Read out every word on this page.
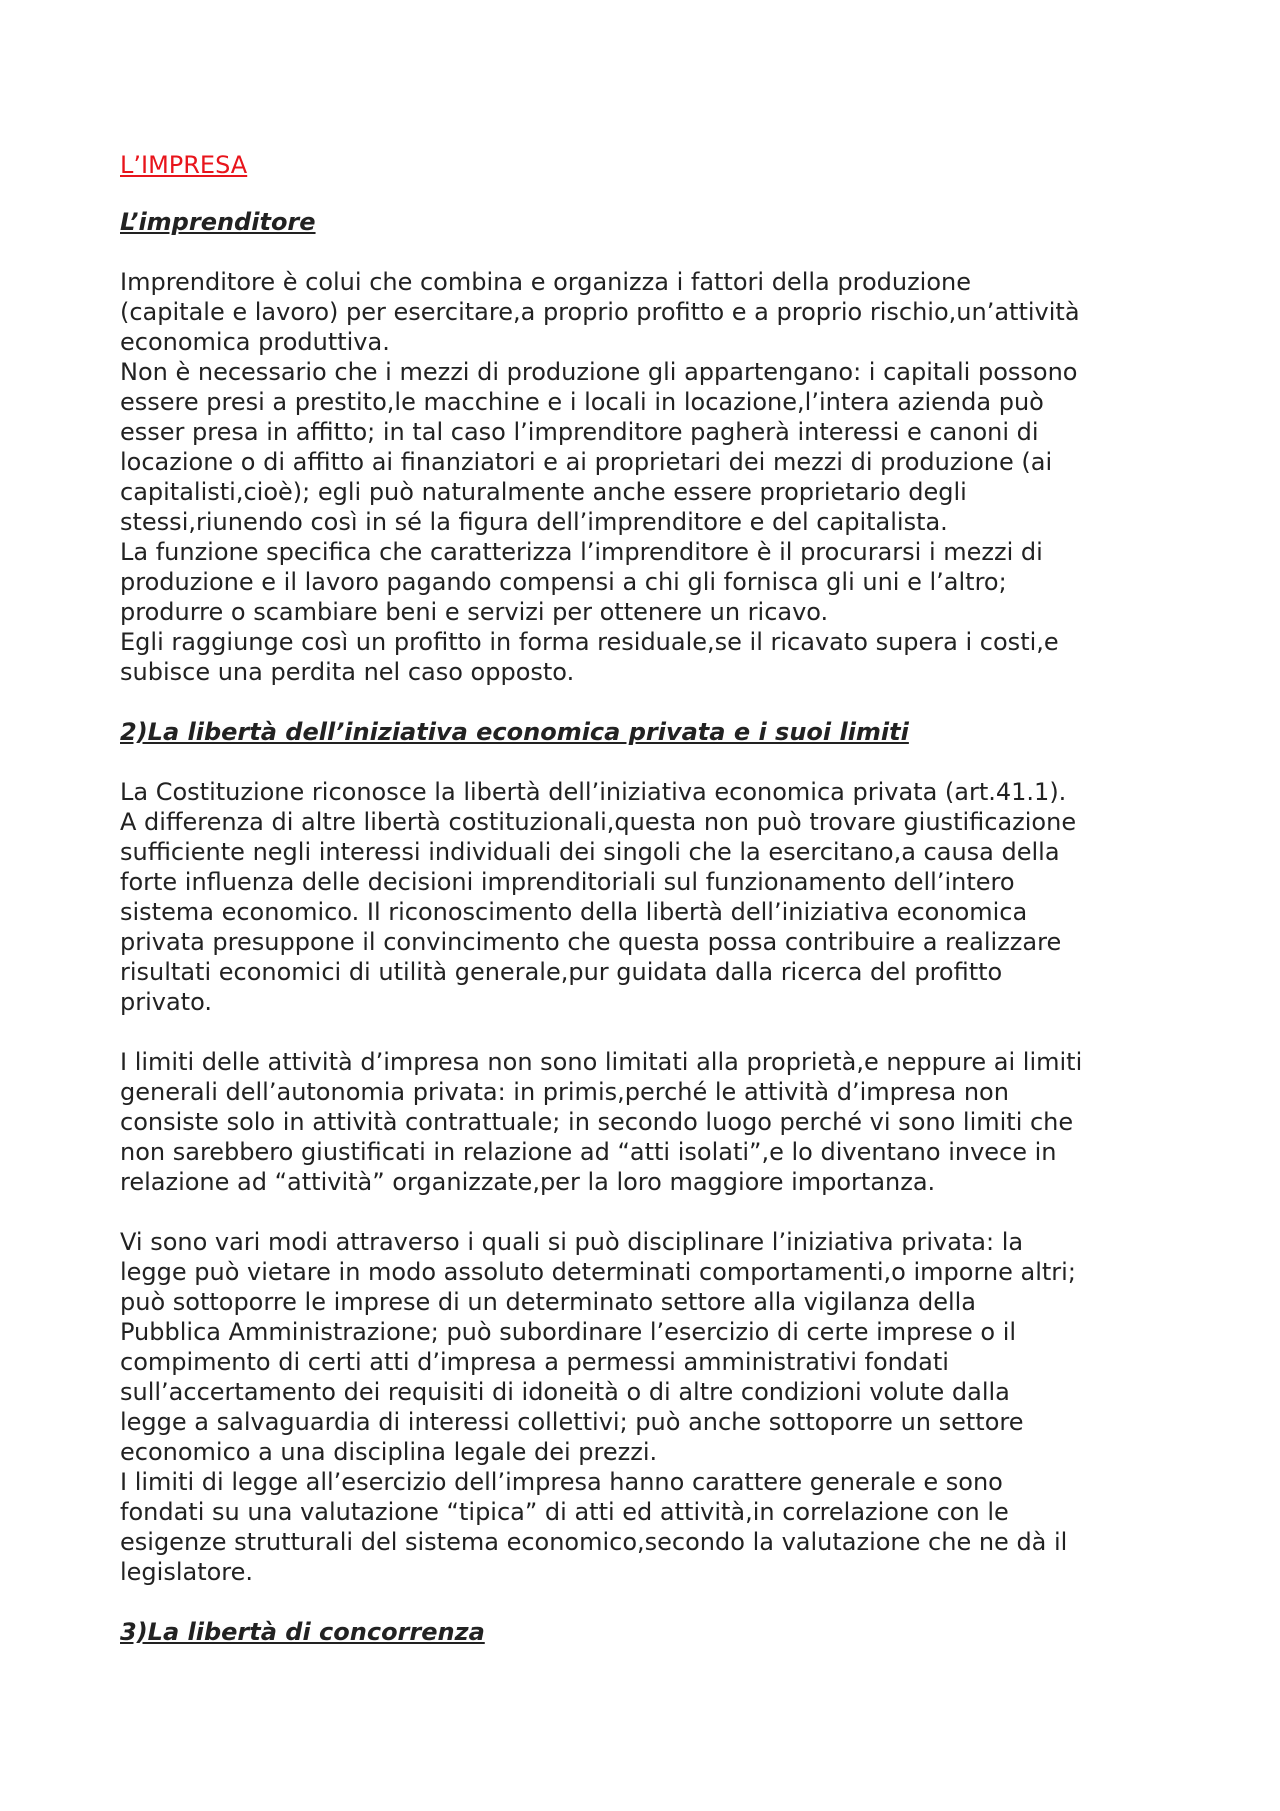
L’IMPRESA
L’imprenditore

Imprenditore è colui che combina e organizza i fattori della produzione
(capitale e lavoro) per esercitare,a proprio profitto e a proprio rischio,un’attività
economica produttiva.
Non è necessario che i mezzi di produzione gli appartengano: i capitali possono
essere presi a prestito,le macchine e i locali in locazione,l’intera azienda può
esser presa in affitto; in tal caso l’imprenditore pagherà interessi e canoni di
locazione o di affitto ai finanziatori e ai proprietari dei mezzi di produzione (ai
capitalisti,cioè); egli può naturalmente anche essere proprietario degli
stessi,riunendo così in sé la figura dell’imprenditore e del capitalista.
La funzione specifica che caratterizza l’imprenditore è il procurarsi i mezzi di
produzione e il lavoro pagando compensi a chi gli fornisca gli uni e l’altro;
produrre o scambiare beni e servizi per ottenere un ricavo.
Egli raggiunge così un profitto in forma residuale,se il ricavato supera i costi,e
subisce una perdita nel caso opposto.

2)La libertà dell’iniziativa economica privata e i suoi limiti

La Costituzione riconosce la libertà dell’iniziativa economica privata (art.41.1).
A differenza di altre libertà costituzionali,questa non può trovare giustificazione
sufficiente negli interessi individuali dei singoli che la esercitano,a causa della
forte influenza delle decisioni imprenditoriali sul funzionamento dell’intero
sistema economico. Il riconoscimento della libertà dell’iniziativa economica
privata presuppone il convincimento che questa possa contribuire a realizzare
risultati economici di utilità generale,pur guidata dalla ricerca del profitto
privato.

I limiti delle attività d’impresa non sono limitati alla proprietà,e neppure ai limiti
generali dell’autonomia privata: in primis,perché le attività d’impresa non
consiste solo in attività contrattuale; in secondo luogo perché vi sono limiti che
non sarebbero giustificati in relazione ad “atti isolati”,e lo diventano invece in
relazione ad “attività” organizzate,per la loro maggiore importanza.

Vi sono vari modi attraverso i quali si può disciplinare l’iniziativa privata: la
legge può vietare in modo assoluto determinati comportamenti,o imporne altri;
può sottoporre le imprese di un determinato settore alla vigilanza della
Pubblica Amministrazione; può subordinare l’esercizio di certe imprese o il
compimento di certi atti d’impresa a permessi amministrativi fondati
sull’accertamento dei requisiti di idoneità o di altre condizioni volute dalla
legge a salvaguardia di interessi collettivi; può anche sottoporre un settore
economico a una disciplina legale dei prezzi.
I limiti di legge all’esercizio dell’impresa hanno carattere generale e sono
fondati su una valutazione “tipica” di atti ed attività,in correlazione con le
esigenze strutturali del sistema economico,secondo la valutazione che ne dà il
legislatore.

3)La libertà di concorrenza
